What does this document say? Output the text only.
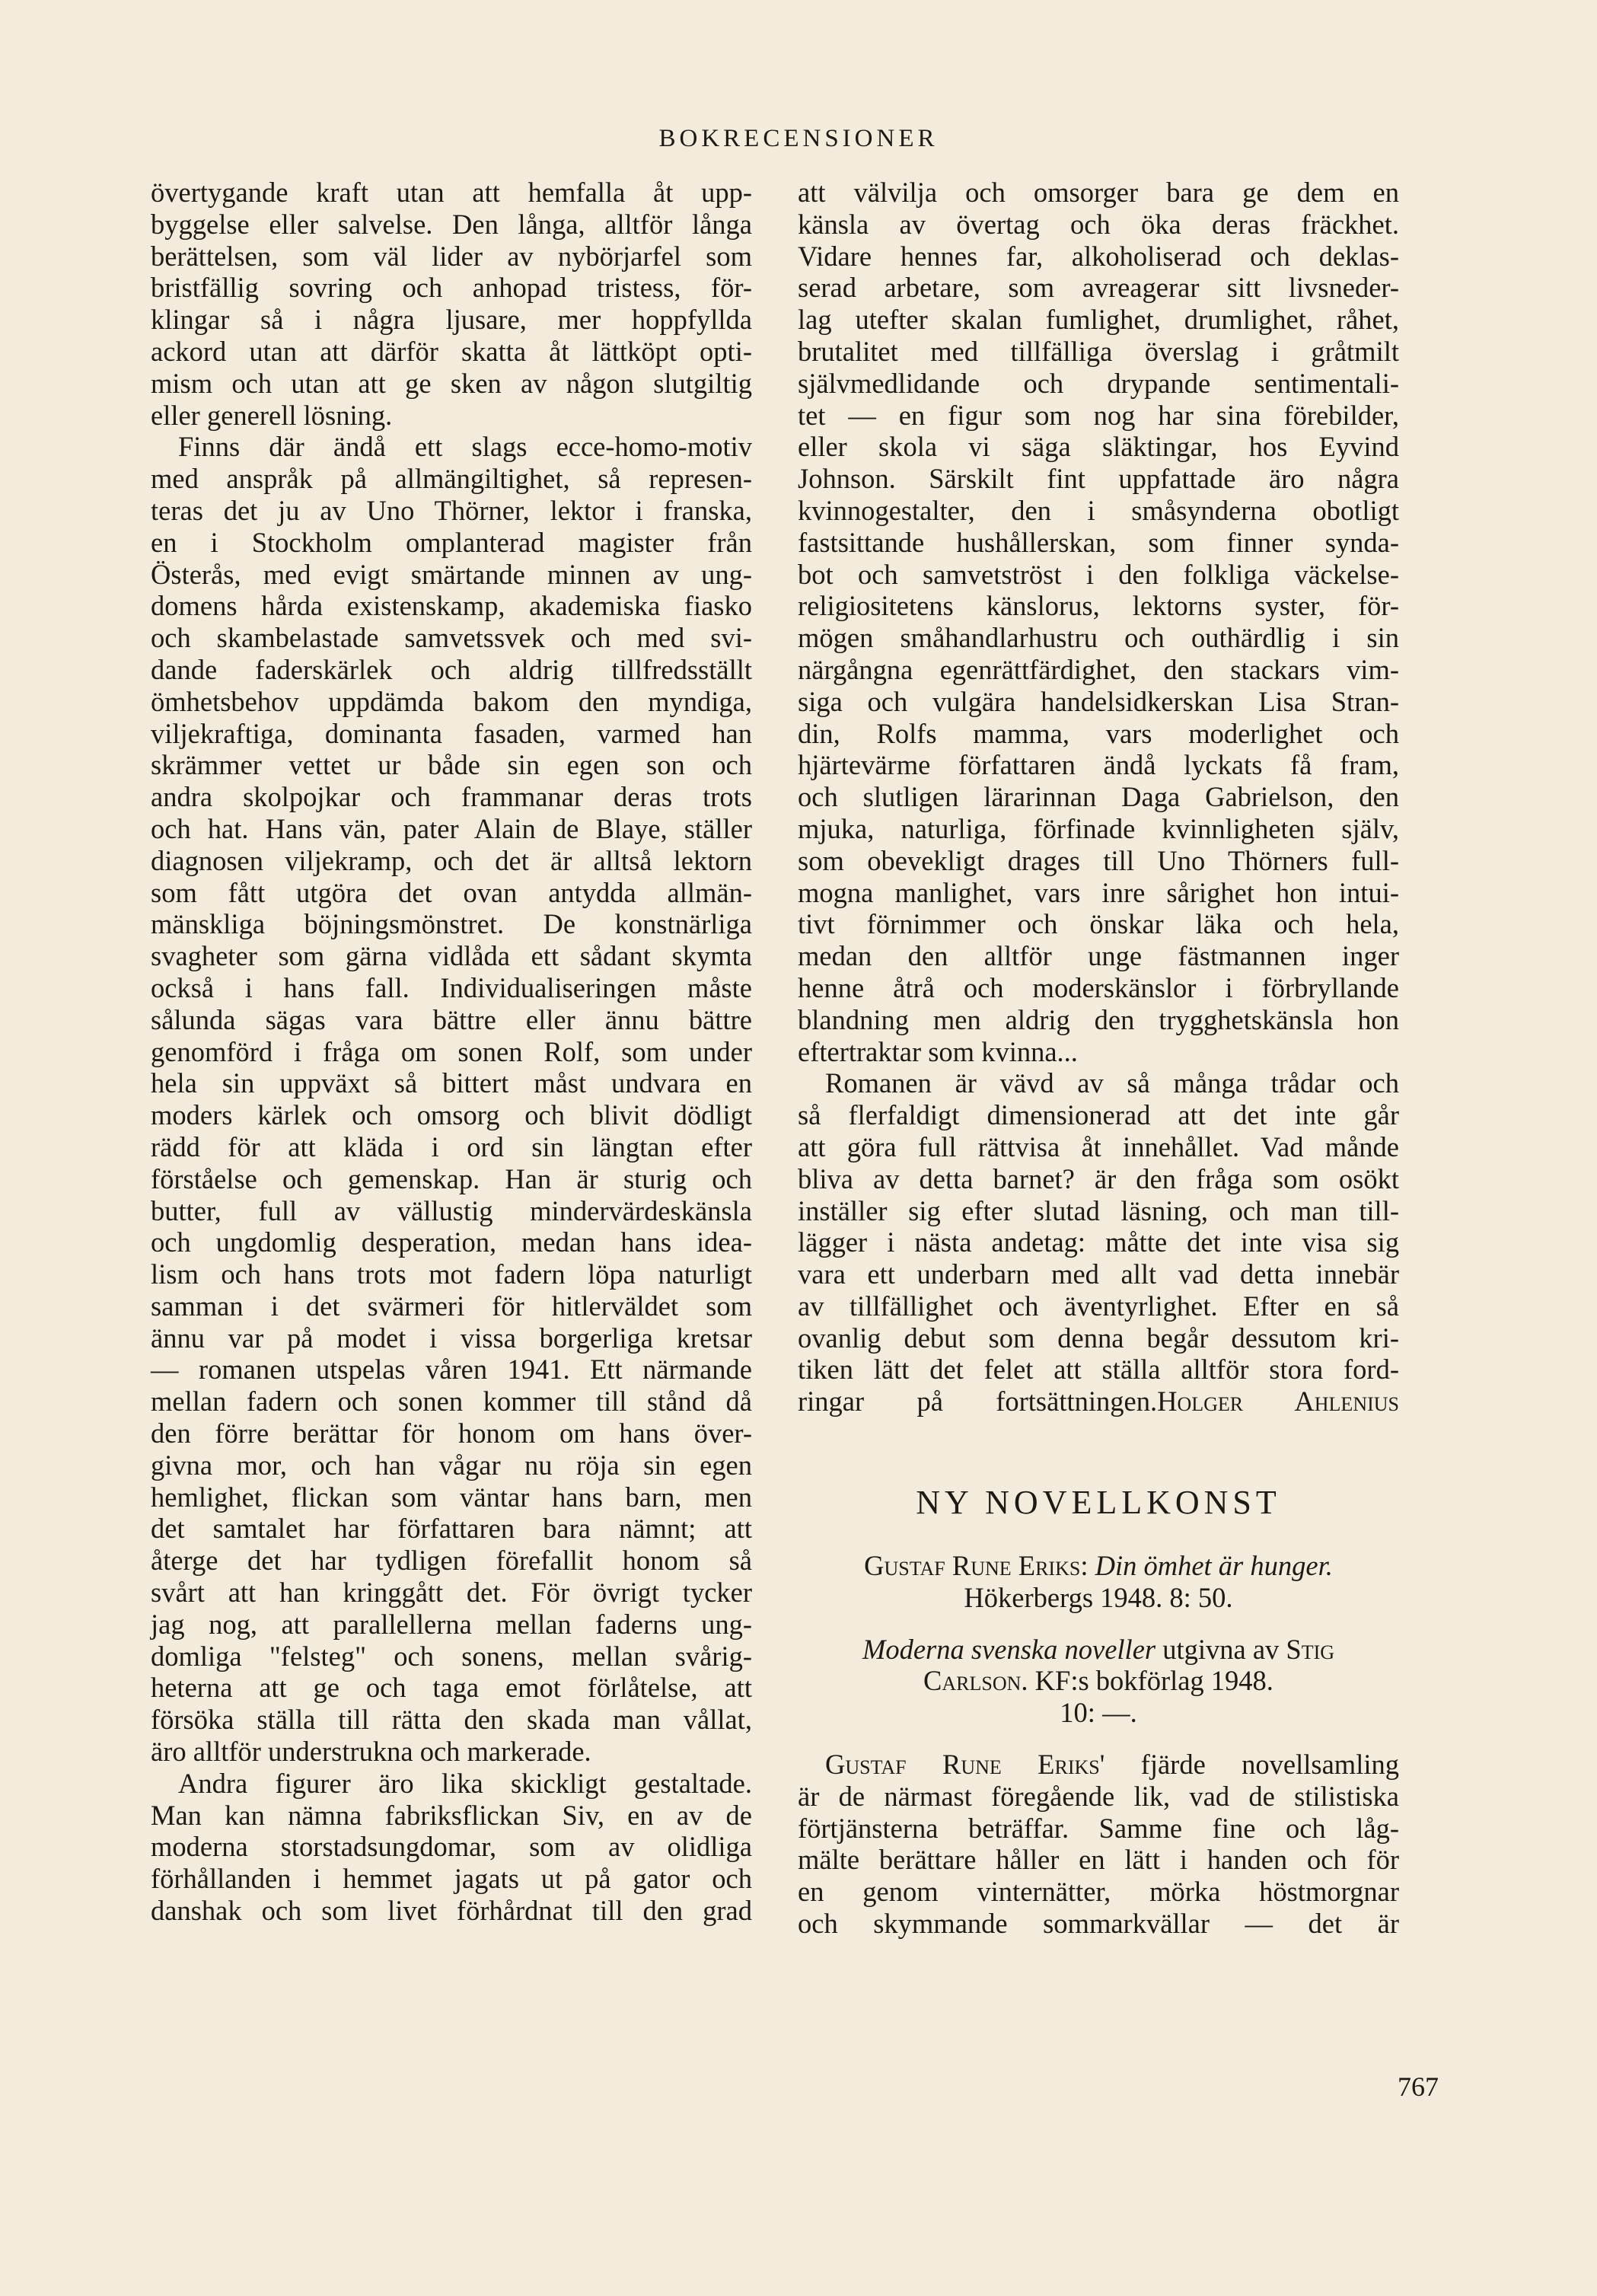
BOKRECENSIONER
övertygande kraft utan att hemfalla åt upp-
byggelse eller salvelse. Den långa, alltför långa
berättelsen, som väl lider av nybörjarfel som
bristfällig sovring och anhopad tristess, för-
klingar så i några ljusare, mer hoppfyllda
ackord utan att därför skatta åt lättköpt opti-
mism och utan att ge sken av någon slutgiltig
eller generell lösning.
Finns där ändå ett slags ecce-homo-motiv
med anspråk på allmängiltighet, så represen-
teras det ju av Uno Thörner, lektor i franska,
en i Stockholm omplanterad magister från
Österås, med evigt smärtande minnen av ung-
domens hårda existenskamp, akademiska fiasko
och skambelastade samvetssvek och med svi-
dande faderskärlek och aldrig tillfredsställt
ömhetsbehov uppdämda bakom den myndiga,
viljekraftiga, dominanta fasaden, varmed han
skrämmer vettet ur både sin egen son och
andra skolpojkar och frammanar deras trots
och hat. Hans vän, pater Alain de Blaye, ställer
diagnosen viljekramp, och det är alltså lektorn
som fått utgöra det ovan antydda allmän-
mänskliga böjningsmönstret. De konstnärliga
svagheter som gärna vidlåda ett sådant skymta
också i hans fall. Individualiseringen måste
sålunda sägas vara bättre eller ännu bättre
genomförd i fråga om sonen Rolf, som under
hela sin uppväxt så bittert måst undvara en
moders kärlek och omsorg och blivit dödligt
rädd för att kläda i ord sin längtan efter
förståelse och gemenskap. Han är sturig och
butter, full av vällustig mindervärdeskänsla
och ungdomlig desperation, medan hans idea-
lism och hans trots mot fadern löpa naturligt
samman i det svärmeri för hitlerväldet som
ännu var på modet i vissa borgerliga kretsar
— romanen utspelas våren 1941. Ett närmande
mellan fadern och sonen kommer till stånd då
den förre berättar för honom om hans över-
givna mor, och han vågar nu röja sin egen
hemlighet, flickan som väntar hans barn, men
det samtalet har författaren bara nämnt; att
återge det har tydligen förefallit honom så
svårt att han kringgått det. För övrigt tycker
jag nog, att parallellerna mellan faderns ung-
domliga "felsteg" och sonens, mellan svårig-
heterna att ge och taga emot förlåtelse, att
försöka ställa till rätta den skada man vållat,
äro alltför understrukna och markerade.
Andra figurer äro lika skickligt gestaltade.
Man kan nämna fabriksflickan Siv, en av de
moderna storstadsungdomar, som av olidliga
förhållanden i hemmet jagats ut på gator och
danshak och som livet förhårdnat till den grad
att välvilja och omsorger bara ge dem en
känsla av övertag och öka deras fräckhet.
Vidare hennes far, alkoholiserad och deklas-
serad arbetare, som avreagerar sitt livsneder-
lag utefter skalan fumlighet, drumlighet, råhet,
brutalitet med tillfälliga överslag i gråtmilt
självmedlidande och drypande sentimentali-
tet — en figur som nog har sina förebilder,
eller skola vi säga släktingar, hos Eyvind
Johnson. Särskilt fint uppfattade äro några
kvinnogestalter, den i småsynderna obotligt
fastsittande hushållerskan, som finner synda-
bot och samvetströst i den folkliga väckelse-
religiositetens känslorus, lektorns syster, för-
mögen småhandlarhustru och outhärdlig i sin
närgångna egenrättfärdighet, den stackars vim-
siga och vulgära handelsidkerskan Lisa Stran-
din, Rolfs mamma, vars moderlighet och
hjärtevärme författaren ändå lyckats få fram,
och slutligen lärarinnan Daga Gabrielson, den
mjuka, naturliga, förfinade kvinnligheten själv,
som obevekligt drages till Uno Thörners full-
mogna manlighet, vars inre sårighet hon intui-
tivt förnimmer och önskar läka och hela,
medan den alltför unge fästmannen inger
henne åtrå och moderskänslor i förbryllande
blandning men aldrig den trygghetskänsla hon
eftertraktar som kvinna...
Romanen är vävd av så många trådar och
så flerfaldigt dimensionerad att det inte går
att göra full rättvisa åt innehållet. Vad månde
bliva av detta barnet? är den fråga som osökt
inställer sig efter slutad läsning, och man till-
lägger i nästa andetag: måtte det inte visa sig
vara ett underbarn med allt vad detta innebär
av tillfällighet och äventyrlighet. Efter en så
ovanlig debut som denna begår dessutom kri-
tiken lätt det felet att ställa alltför stora ford-
ringar på fortsättningen.Holger Ahlenius
NY NOVELLKONST
Gustaf Rune Eriks: Din ömhet är hunger.
Hökerbergs 1948. 8: 50.
Moderna svenska noveller utgivna av Stig
Carlson. KF:s bokförlag 1948.
10: —.
Gustaf Rune Eriks' fjärde novellsamling
är de närmast föregående lik, vad de stilistiska
förtjänsterna beträffar. Samme fine och låg-
mälte berättare håller en lätt i handen och för
en genom vinternätter, mörka höstmorgnar
och skymmande sommarkvällar — det är
767
